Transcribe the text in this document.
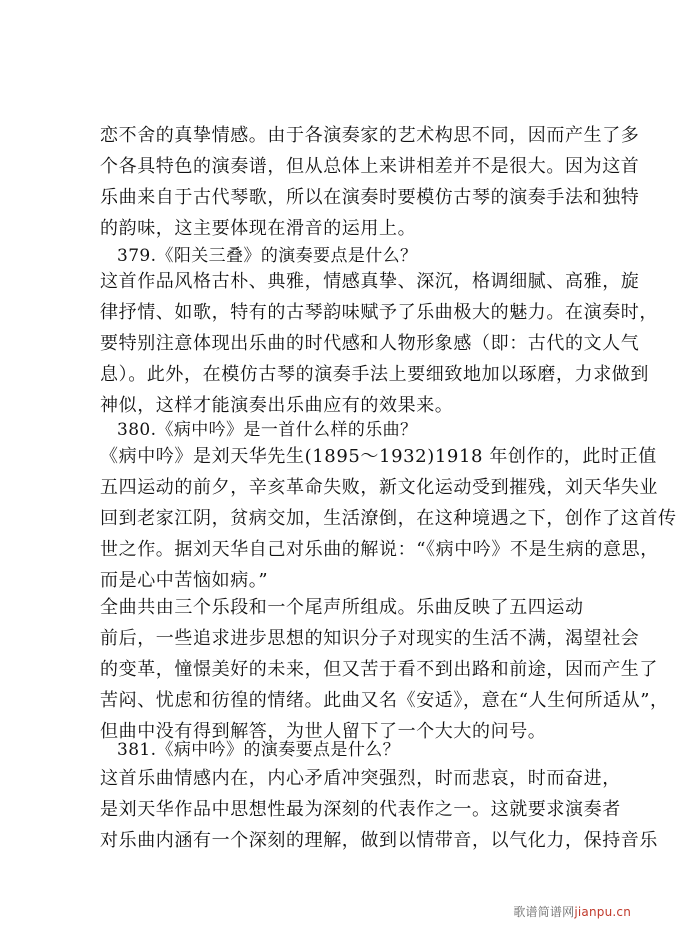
恋不舍的真挚情感。由于各演奏家的艺术构思不同，因而产生了多
个各具特色的演奏谱，但从总体上来讲相差并不是很大。因为这首
乐曲来自于古代琴歌，所以在演奏时要模仿古琴的演奏手法和独特
的韵味，这主要体现在滑音的运用上。
379.《阳关三叠》的演奏要点是什么？
这首作品风格古朴、典雅，情感真挚、深沉，格调细腻、高雅，旋
律抒情、如歌，特有的古琴韵味赋予了乐曲极大的魅力。在演奏时，
要特别注意体现出乐曲的时代感和人物形象感（即：古代的文人气
息）。此外，在模仿古琴的演奏手法上要细致地加以琢磨，力求做到
神似，这样才能演奏出乐曲应有的效果来。
380.《病中吟》是一首什么样的乐曲？
《病中吟》是刘天华先生(1895～1932)1918 年创作的，此时正值
五四运动的前夕，辛亥革命失败，新文化运动受到摧残，刘天华失业
回到老家江阴，贫病交加，生活潦倒，在这种境遇之下，创作了这首传
世之作。据刘天华自己对乐曲的解说：“《病中吟》不是生病的意思，
而是心中苦恼如病。”
全曲共由三个乐段和一个尾声所组成。乐曲反映了五四运动
前后，一些追求进步思想的知识分子对现实的生活不满，渴望社会
的变革，憧憬美好的未来，但又苦于看不到出路和前途，因而产生了
苦闷、忧虑和彷徨的情绪。此曲又名《安适》，意在“人生何所适从”，
但曲中没有得到解答，为世人留下了一个大大的问号。
381.《病中吟》的演奏要点是什么？
这首乐曲情感内在，内心矛盾冲突强烈，时而悲哀，时而奋进，
是刘天华作品中思想性最为深刻的代表作之一。这就要求演奏者
对乐曲内涵有一个深刻的理解，做到以情带音，以气化力，保持音乐
歌谱简谱网jianpu.cn
